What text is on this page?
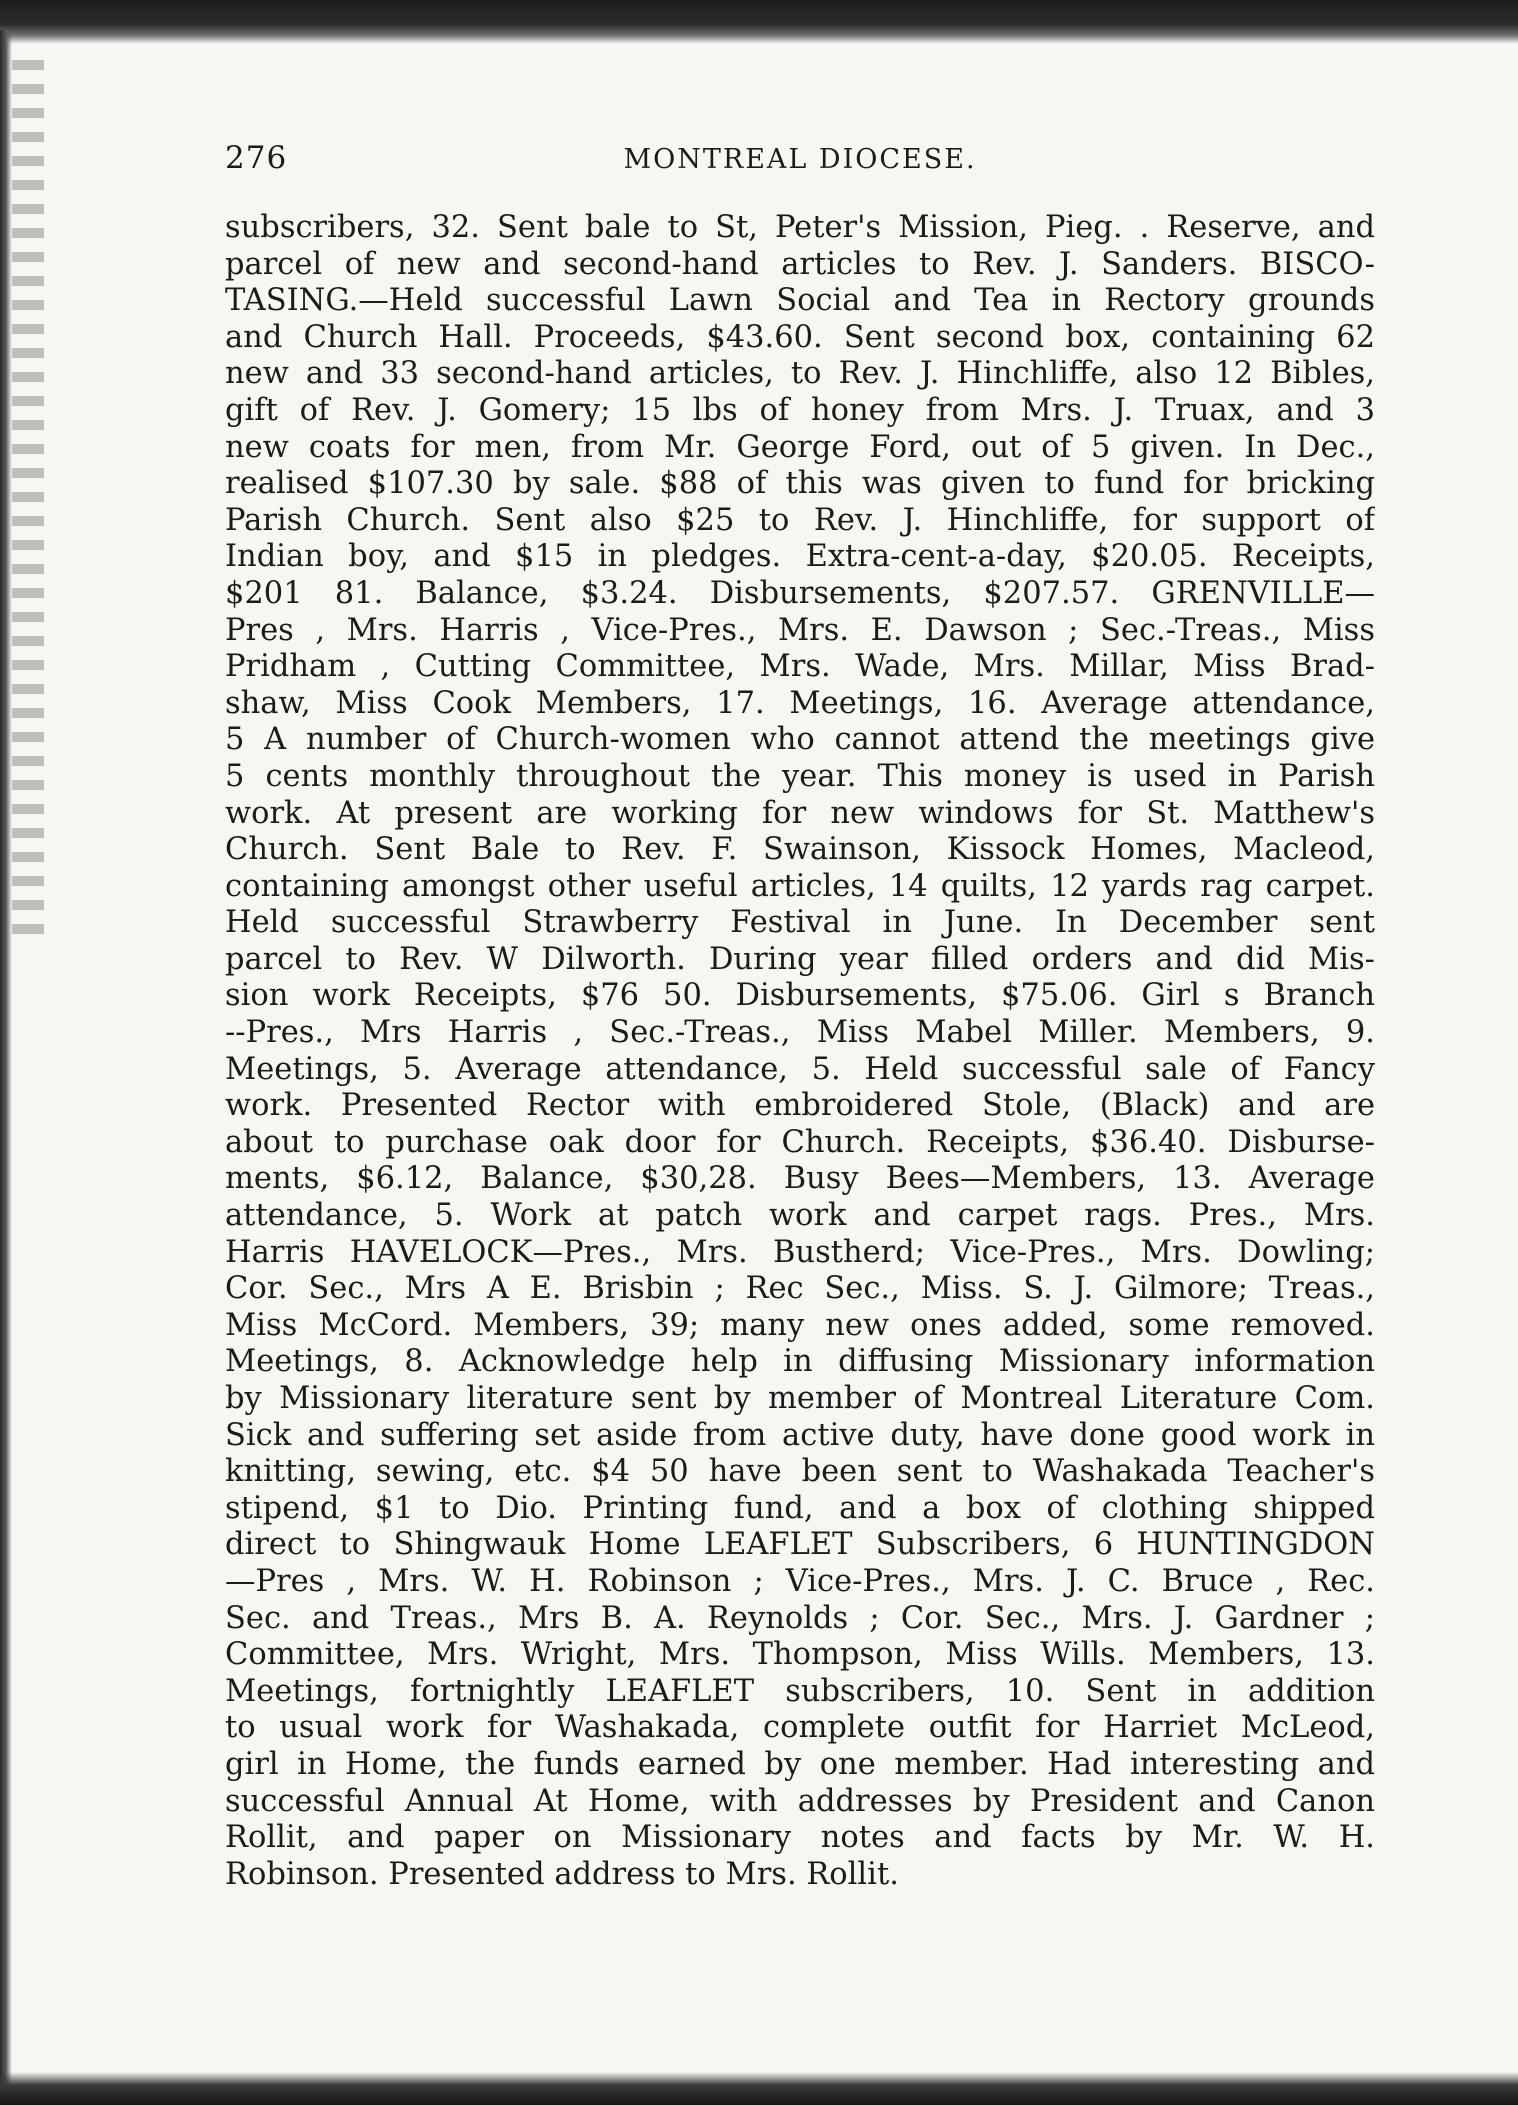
276	MONTREAL DIOCESE.
subscribers, 32. Sent bale to St, Peter's Mission, Pieg. . Reserve, and
parcel of new and second-hand articles to Rev. J. Sanders. BISCO-
TASING.—Held successful Lawn Social and Tea in Rectory grounds
and Church Hall. Proceeds, $43.60. Sent second box, containing 62
new and 33 second-hand articles, to Rev. J. Hinchliffe, also 12 Bibles,
gift of Rev. J. Gomery; 15 lbs of honey from Mrs. J. Truax, and 3
new coats for men, from Mr. George Ford, out of 5 given. In Dec.,
realised $107.30 by sale. $88 of this was given to fund for bricking
Parish Church. Sent also $25 to Rev. J. Hinchliffe, for support of
Indian boy, and $15 in pledges. Extra-cent-a-day, $20.05. Receipts,
$201 81. Balance, $3.24. Disbursements, $207.57. GRENVILLE—
Pres , Mrs. Harris , Vice-Pres., Mrs. E. Dawson ; Sec.-Treas., Miss
Pridham , Cutting Committee, Mrs. Wade, Mrs. Millar, Miss Brad-
shaw, Miss Cook Members, 17. Meetings, 16. Average attendance,
5 A number of Church-women who cannot attend the meetings give
5 cents monthly throughout the year. This money is used in Parish
work. At present are working for new windows for St. Matthew's
Church. Sent Bale to Rev. F. Swainson, Kissock Homes, Macleod,
containing amongst other useful articles, 14 quilts, 12 yards rag carpet.
Held successful Strawberry Festival in June. In December sent
parcel to Rev. W Dilworth. During year filled orders and did Mis-
sion work Receipts, $76 50. Disbursements, $75.06. Girl s Branch
--Pres., Mrs Harris , Sec.-Treas., Miss Mabel Miller. Members, 9.
Meetings, 5. Average attendance, 5. Held successful sale of Fancy
work. Presented Rector with embroidered Stole, (Black) and are
about to purchase oak door for Church. Receipts, $36.40. Disburse-
ments, $6.12, Balance, $30,28. Busy Bees—Members, 13. Average
attendance, 5. Work at patch work and carpet rags. Pres., Mrs.
Harris HAVELOCK—Pres., Mrs. Bustherd; Vice-Pres., Mrs. Dowling;
Cor. Sec., Mrs A E. Brisbin ; Rec Sec., Miss. S. J. Gilmore; Treas.,
Miss McCord. Members, 39; many new ones added, some removed.
Meetings, 8. Acknowledge help in diffusing Missionary information
by Missionary literature sent by member of Montreal Literature Com.
Sick and suffering set aside from active duty, have done good work in
knitting, sewing, etc. $4 50 have been sent to Washakada Teacher's
stipend, $1 to Dio. Printing fund, and a box of clothing shipped
direct to Shingwauk Home LEAFLET Subscribers, 6 HUNTINGDON
—Pres , Mrs. W. H. Robinson ; Vice-Pres., Mrs. J. C. Bruce , Rec.
Sec. and Treas., Mrs B. A. Reynolds ; Cor. Sec., Mrs. J. Gardner ;
Committee, Mrs. Wright, Mrs. Thompson, Miss Wills. Members, 13.
Meetings, fortnightly LEAFLET subscribers, 10. Sent in addition
to usual work for Washakada, complete outfit for Harriet McLeod,
girl in Home, the funds earned by one member. Had interesting and
successful Annual At Home, with addresses by President and Canon
Rollit, and paper on Missionary notes and facts by Mr. W. H.
Robinson. Presented address to Mrs. Rollit.
